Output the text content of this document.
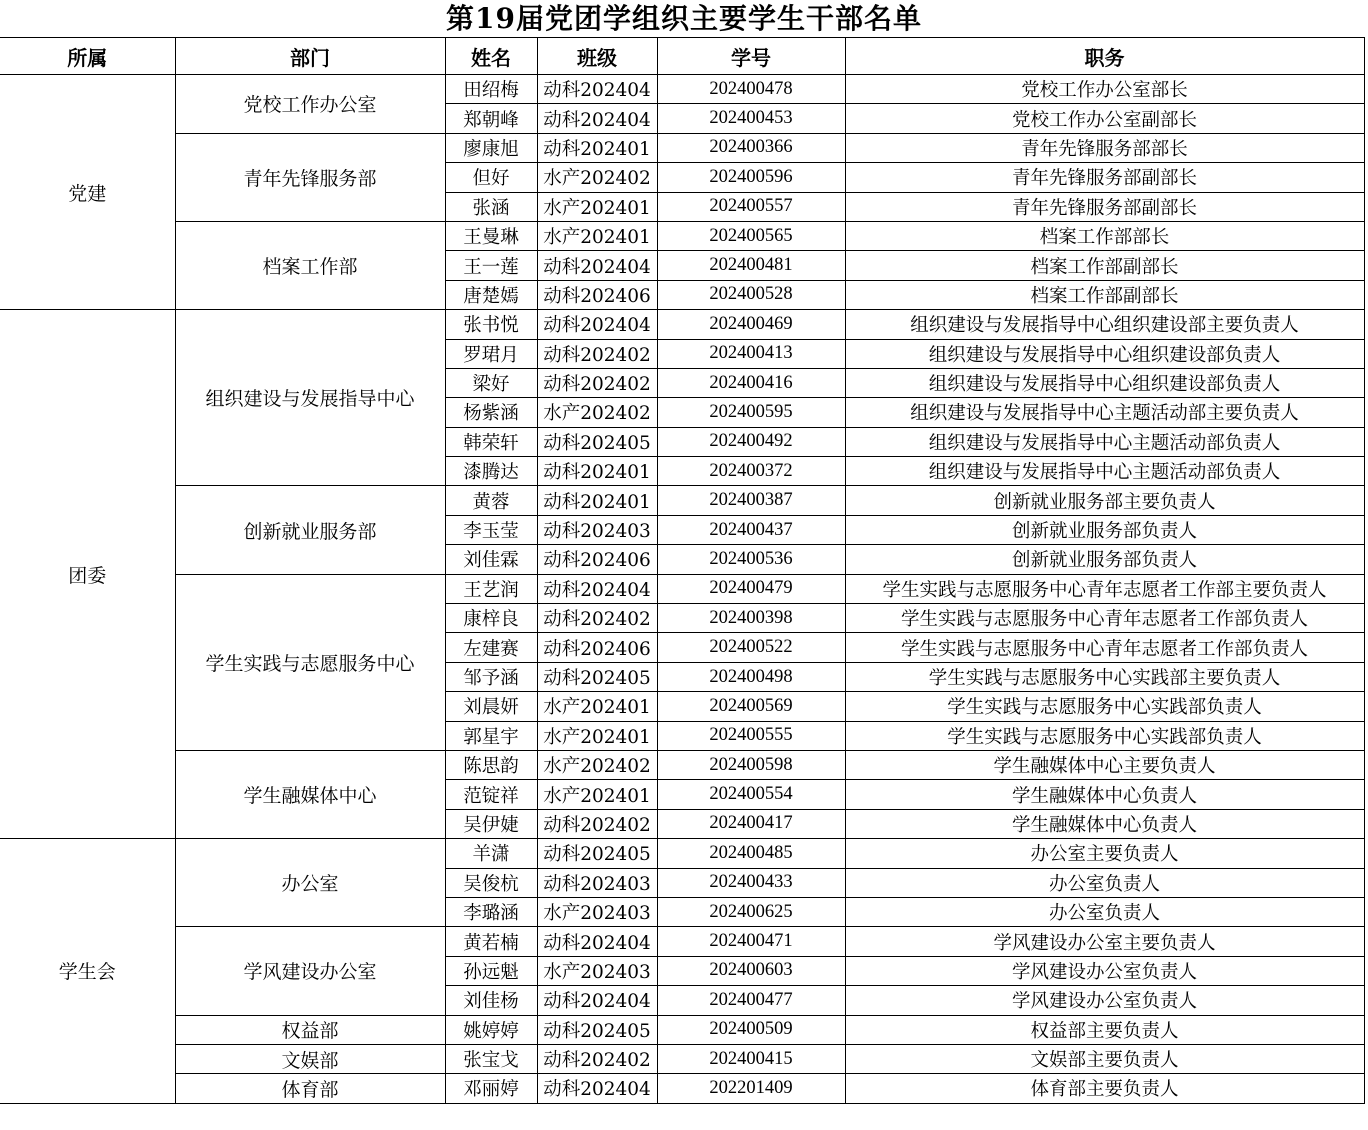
第19届党团学组织主要学生干部名单
所属	部门	姓名	班级	学号	职务
党建	党校工作办公室	田绍梅	动科202404	202400478	党校工作办公室部长
		郑朝峰	动科202404	202400453	党校工作办公室副部长
	青年先锋服务部	廖康旭	动科202401	202400366	青年先锋服务部部长
		但好	水产202402	202400596	青年先锋服务部副部长
		张涵	水产202401	202400557	青年先锋服务部副部长
	档案工作部	王曼琳	水产202401	202400565	档案工作部部长
		王一莲	动科202404	202400481	档案工作部副部长
		唐楚嫣	动科202406	202400528	档案工作部副部长
团委	组织建设与发展指导中心	张书悦	动科202404	202400469	组织建设与发展指导中心组织建设部主要负责人
		罗珺月	动科202402	202400413	组织建设与发展指导中心组织建设部负责人
		梁好	动科202402	202400416	组织建设与发展指导中心组织建设部负责人
		杨紫涵	水产202402	202400595	组织建设与发展指导中心主题活动部主要负责人
		韩荣轩	动科202405	202400492	组织建设与发展指导中心主题活动部负责人
		漆腾达	动科202401	202400372	组织建设与发展指导中心主题活动部负责人
	创新就业服务部	黄蓉	动科202401	202400387	创新就业服务部主要负责人
		李玉莹	动科202403	202400437	创新就业服务部负责人
		刘佳霖	动科202406	202400536	创新就业服务部负责人
	学生实践与志愿服务中心	王艺润	动科202404	202400479	学生实践与志愿服务中心青年志愿者工作部主要负责人
		康梓良	动科202402	202400398	学生实践与志愿服务中心青年志愿者工作部负责人
		左建赛	动科202406	202400522	学生实践与志愿服务中心青年志愿者工作部负责人
		邹予涵	动科202405	202400498	学生实践与志愿服务中心实践部主要负责人
		刘晨妍	水产202401	202400569	学生实践与志愿服务中心实践部负责人
		郭星宇	水产202401	202400555	学生实践与志愿服务中心实践部负责人
	学生融媒体中心	陈思韵	水产202402	202400598	学生融媒体中心主要负责人
		范锭祥	水产202401	202400554	学生融媒体中心负责人
		吴伊婕	动科202402	202400417	学生融媒体中心负责人
学生会	办公室	羊潇	动科202405	202400485	办公室主要负责人
		吴俊杭	动科202403	202400433	办公室负责人
		李璐涵	水产202403	202400625	办公室负责人
	学风建设办公室	黄若楠	动科202404	202400471	学风建设办公室主要负责人
		孙远魁	水产202403	202400603	学风建设办公室负责人
		刘佳杨	动科202404	202400477	学风建设办公室负责人
	权益部	姚婷婷	动科202405	202400509	权益部主要负责人
	文娱部	张宝戈	动科202402	202400415	文娱部主要负责人
	体育部	邓丽婷	动科202404	202201409	体育部主要负责人
